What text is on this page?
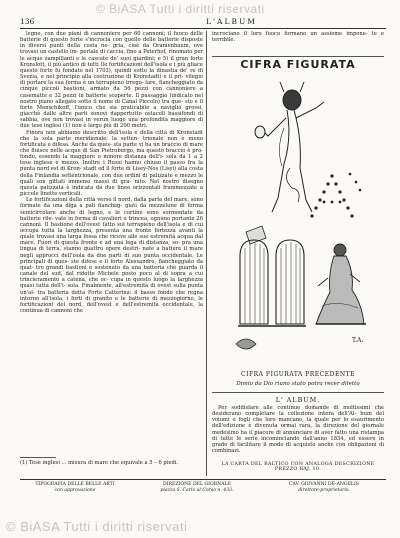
© BiASA Tutti i diritti riservati
136	L'ALBUM

legno, con due piani di cannoniere per 60 cannoni; il fuoco delle batterie di questo forte s'incrocia con quello delle batterie disposte in diversi punti della costa ne- gria, cioè da Oranienbaum, ove trovasi un castello im- periale di caccia, fino a Peterhof, rinomato per le acque zampillanti e le cascate de' suoi giardini; e 5) il gran forte Kronslott, il più antico di tutti (le fortificazioni dell'isola e i più gliace questo forte fu fondato nel 1703), quindi sotto la dinastia de' re di Svezia, e nel principio alla costruzione di Kronstadt) e il pri- vilegio di portare la sua forma è un terrapieno irrego- lare, fiancheggiato da cinque piccoli bastioni, armato da 56 pezzi con cannoniere a casematte e 32 pezzi in batterie scoperte. Il passaggio (indicato nel nostro piano allegato sotto il nome di Canal Piccolo) tra que- sto e il forte Menschikoff, l'unico che sia praticabile a naviglio grossi, giacchè dalle altre parti sonovi dappertutto ostacoli bassifondi di sabbia, ove non trovasi in verun luogo una profondità maggiore di due tese inglesi (1) non è largo più di 200 metri.

Finora non abbiamo descritto dell'isola e della città di Kronstadt che la sola parte meridionale; la setten- trionale non è meno fortificata e difesa. Anche da ques- sta parte vi ha un braccio di mare che fluisce nelle acque di San Pietroburgo, ma questo braccio è pro- fondo, essendo la maggiore o minore distanza dell'i- sola da 1 a 2 tese inglese e mezzo. Inoltre i Russi hanno chiuso il passo fra la punta nord est di Kron- stadt ed il forte di Lisey-Nos (Lisyi) alla costa della Finlandia settentrionale, con due ordini di palizzate e mezzo le quali son gittati immensi massi di gra- nito. Nel nostro disegno questa palizzata è indicata da due linee orizzontali frammezzate a piccole linette verticali.

Le fortificazioni della città verso il nord, dalla parte del mare, sono formate da una diga a pali fiancheg- giati da mezzelune di forma semicircolare anche di legno, e le cortine sono sormontate da batterie rile- vate in forma di cavalieri o trincea, ognuno portante 26 cannoni. Il bastione dell'ovest fatto sul terrapieno dell'isola e di cui occupa tutta la larghezza, presenta una fronte fortezza avanti la quale trovasi una larga fossa che riceve alle sue estremità acqua dal mare. Fuori di questa fronte e ad una lega di distanza, so- pra una lingua di terra, stanno quattro opere destri- nate a battere il mare negli approcci dell'isola da due parti di suo punta occidentale. Le principali di ques- ste difese e il forte Alessandro, fiancheggiato da quat- tro grandi bastioni e sostenuto da una batteria che guarda il canale del sud, dal ridotto Michele posto poco al di sopra a cui trincieramento a catena, che oc- cupa in questo luogo la larghezza quasi tutta dell'i- sola. Finalmente, all'estremità di ovest sulla punta un'al- tra batteria detta Forte Catterina: il basso fondo che regna intorno all'isola, i forti di granito e le batterie di mezzogiorno, le fortificazioni del nord, dell'ovest e dell'estremità occidentale, la continua di cannoni che

incrociano il loro fuoco formano un assieme impone- te e terribile.
CIFRA FIGURATA
T.A.
CIFRA FIGURATA PRECEDENTE
Dimio da Dio riuno stato potra recer diletto
L' ALBUM.

Per soddisfare alle continue domande di moltissimi che desiderano completare la collezione intera dell'Al- bum del volumi o fogli che loro mancano, la quale per lo esaurimento dell'edizione è divenuta ormai rara, la direzione del giornale medesimo ha il piacere di annunciare di aver fatto una ristampa di tutte le serie incominciando dall'anno 1834, ed essere in grado di facilitare il modo di acquisto anche con obligazioni di combinazi.

LA CARTA DEL BALTICO CON ANALOGA DESCRIZIONE PREZZO BAJ. 10.
(1) Tese inglesi ... misura di mare che equivale a 5 – 6 piedi.
TIPOGRAFIA DELLE BELLE ARTI
con approvazione
DIREZIONE DEL GIORNALE
piazza S. Carlo al Corso n. 433.
CAV. GIOVANNI DE-ANGELIS
direttore-proprietario.
© BiASA Tutti i diritti riservati
